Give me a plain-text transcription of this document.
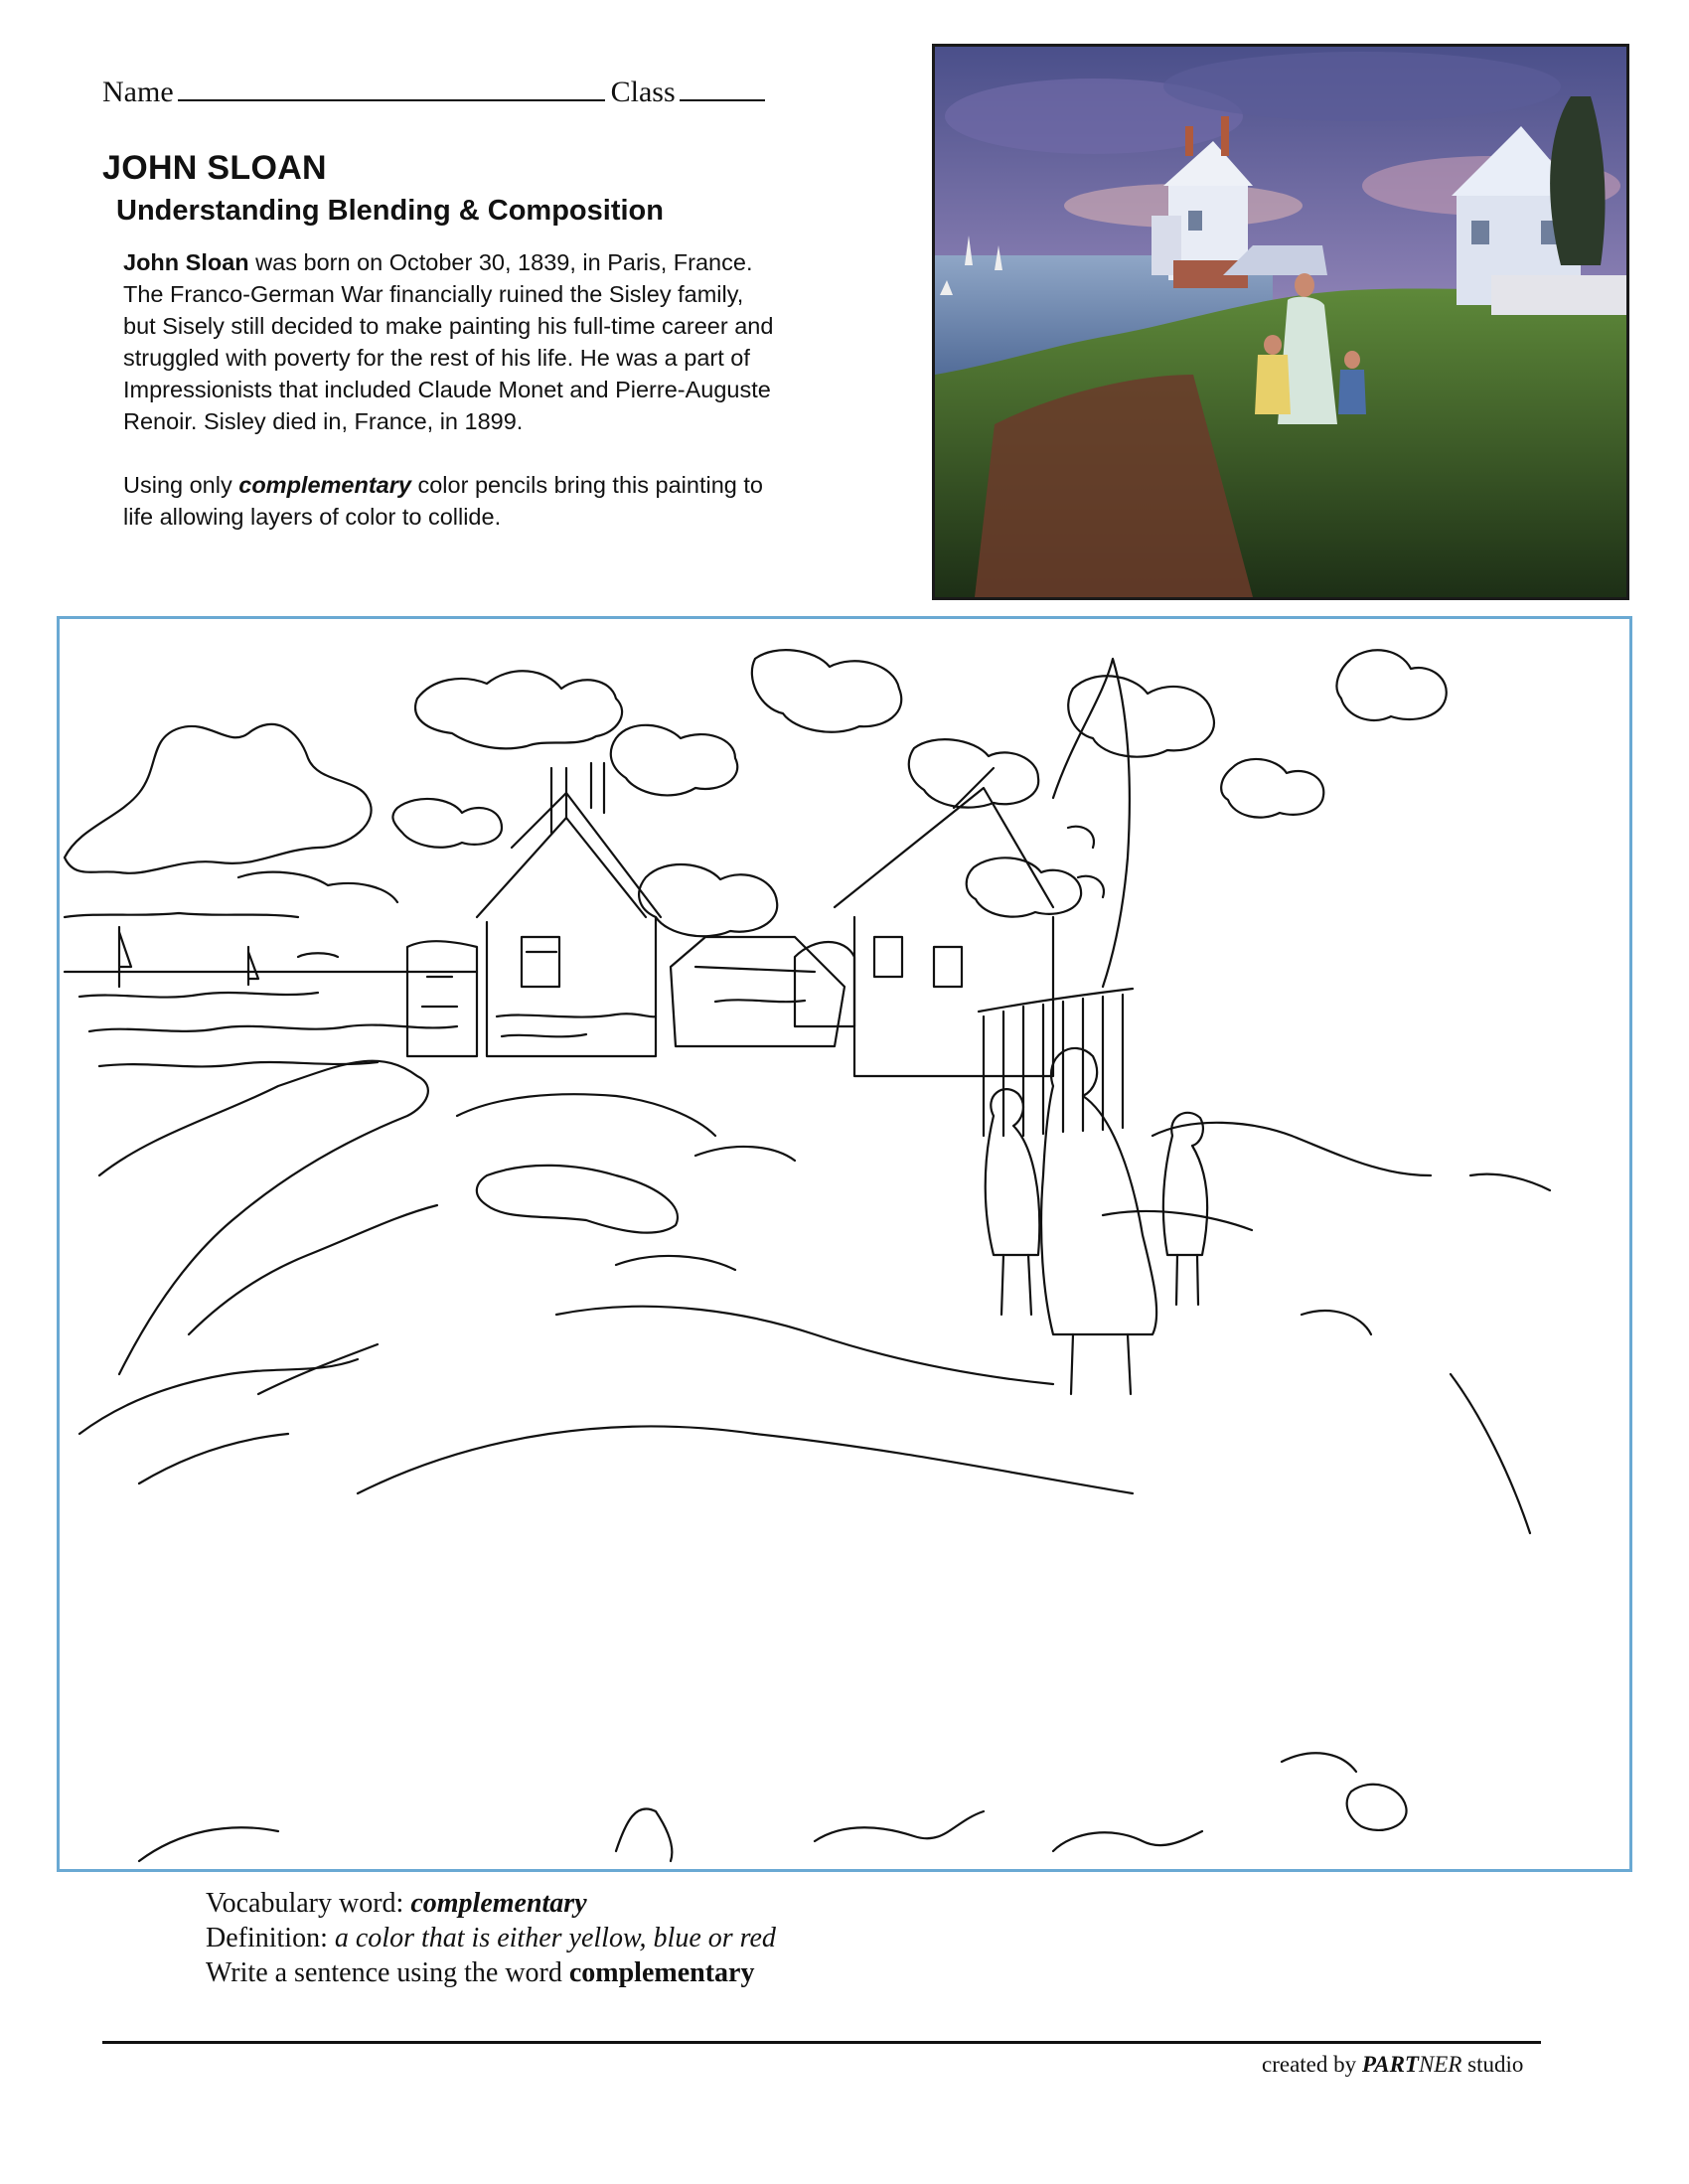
Name	Class
JOHN SLOAN
Understanding Blending & Composition

John Sloan was born on October 30, 1839, in Paris, France. The Franco-German War financially ruined the Sisley family, but Sisely still decided to make painting his full-time career and struggled with poverty for the rest of his life. He was a part of Impressionists that included Claude Monet and Pierre-Auguste Renoir. Sisley died in, France, in 1899.

Using only complementary color pencils bring this painting to life allowing layers of color to collide.

Vocabulary word: complementary
Definition: a color that is either yellow, blue or red
Write a sentence using the word complementary
created by PARTNER studio
